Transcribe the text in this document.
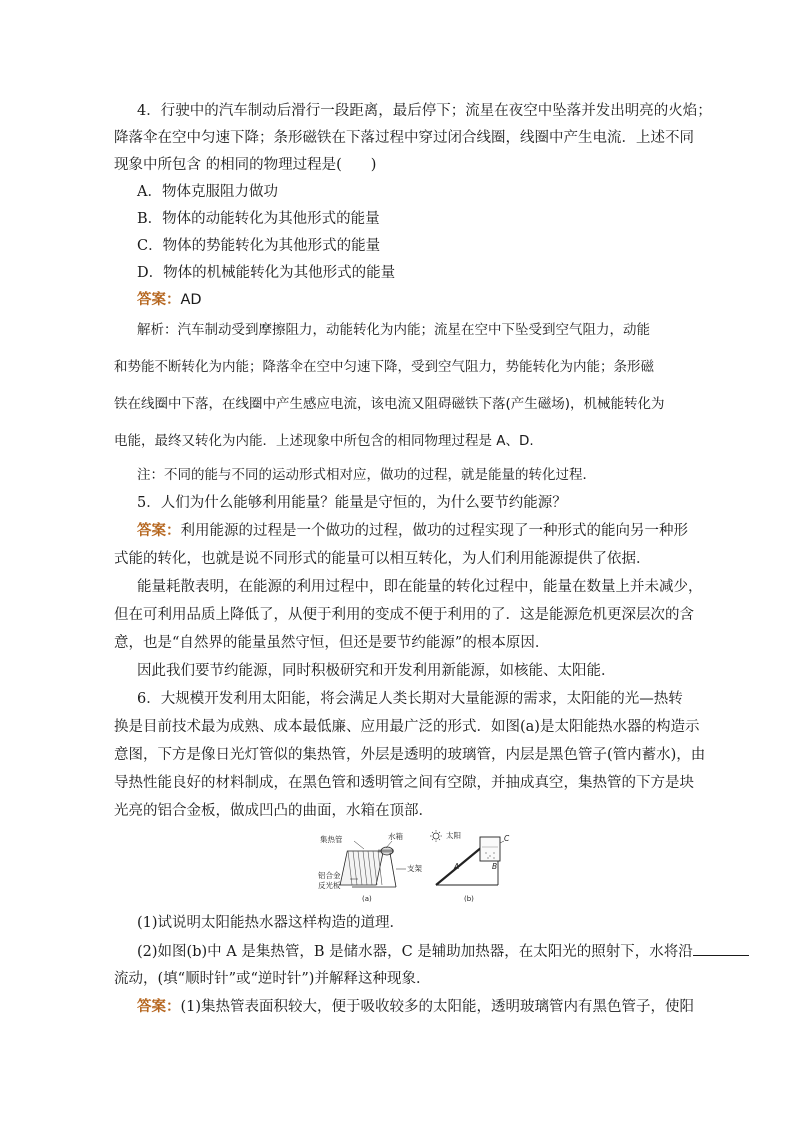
4．行驶中的汽车制动后滑行一段距离，最后停下；流星在夜空中坠落并发出明亮的火焰；
降落伞在空中匀速下降；条形磁铁在下落过程中穿过闭合线圈，线圈中产生电流．上述不同
现象中所包含 的相同的物理过程是(　　)
A．物体克服阻力做功
B．物体的动能转化为其他形式的能量
C．物体的势能转化为其他形式的能量
D．物体的机械能转化为其他形式的能量
答案：AD
解析：汽车制动受到摩擦阻力，动能转化为内能；流星在空中下坠受到空气阻力，动能
和势能不断转化为内能；降落伞在空中匀速下降，受到空气阻力，势能转化为内能；条形磁
铁在线圈中下落，在线圈中产生感应电流，该电流又阻碍磁铁下落(产生磁场)，机械能转化为
电能，最终又转化为内能．上述现象中所包含的相同物理过程是 A、D.
注：不同的能与不同的运动形式相对应，做功的过程，就是能量的转化过程．
5．人们为什么能够利用能量？能量是守恒的，为什么要节约能源？
答案：利用能源的过程是一个做功的过程，做功的过程实现了一种形式的能向另一种形
式能的转化，也就是说不同形式的能量可以相互转化，为人们利用能源提供了依据．
能量耗散表明，在能源的利用过程中，即在能量的转化过程中，能量在数量上并未减少，
但在可利用品质上降低了，从便于利用的变成不便于利用的了．这是能源危机更深层次的含
意，也是“自然界的能量虽然守恒，但还是要节约能源”的根本原因．
因此我们要节约能源，同时积极研究和开发利用新能源，如核能、太阳能．
6．大规模开发利用太阳能，将会满足人类长期对大量能源的需求，太阳能的光—热转
换是目前技术最为成熟、成本最低廉、应用最广泛的形式．如图(a)是太阳能热水器的构造示
意图，下方是像日光灯管似的集热管，外层是透明的玻璃管，内层是黑色管子(管内蓄水)，由
导热性能良好的材料制成，在黑色管和透明管之间有空隙，并抽成真空，集热管的下方是块
光亮的铝合金板，做成凹凸的曲面，水箱在顶部．
集热管	水箱
铝合金
反光板
支架
(a)
太阳
A	B
C
(b)
(1)试说明太阳能热水器这样构造的道理．
(2)如图(b)中 A 是集热管，B 是储水器，C 是辅助加热器，在太阳光的照射下，水将沿
流动，(填“顺时针”或“逆时针”)并解释这种现象．
答案：(1)集热管表面积较大，便于吸收较多的太阳能，透明玻璃管内有黑色管子，使阳
